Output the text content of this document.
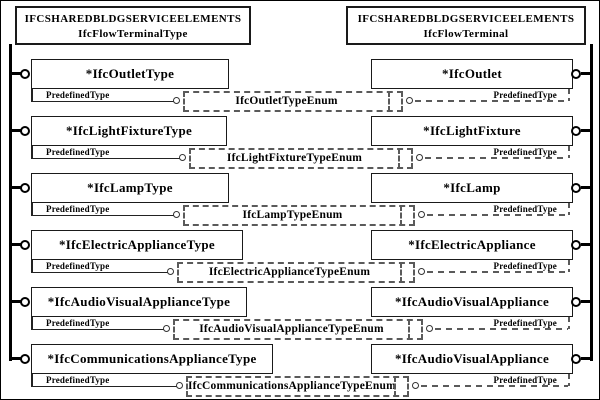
IFCSHAREDBLDGSERVICEELEMENTS
IfcFlowTerminalType
IFCSHAREDBLDGSERVICEELEMENTS
IfcFlowTerminal
*IfcOutletType
PredefinedType	IfcOutletTypeEnum	PredefinedType
*IfcOutlet
*IfcLightFixtureType
PredefinedType	IfcLightFixtureTypeEnum	PredefinedType
*IfcLightFixture
*IfcLampType
PredefinedType	IfcLampTypeEnum	PredefinedType
*IfcLamp
*IfcElectricApplianceType
PredefinedType	IfcElectricApplianceTypeEnum	PredefinedType
*IfcElectricAppliance
*IfcAudioVisualApplianceType
PredefinedType	IfcAudioVisualApplianceTypeEnum	PredefinedType
*IfcAudioVisualAppliance
*IfcCommunicationsApplianceType
PredefinedType	IfcCommunicationsApplianceTypeEnum	PredefinedType
*IfcAudioVisualAppliance
